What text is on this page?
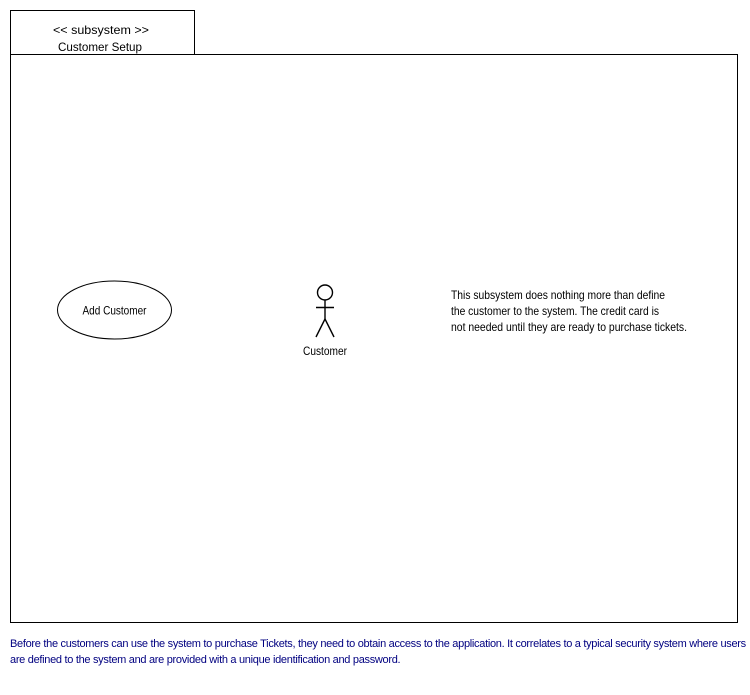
<< subsystem >>
Customer Setup
Add Customer
Customer
This subsystem does nothing more than define
the customer to the system. The credit card is
not needed until they are ready to purchase tickets.
Before the customers can use the system to purchase Tickets, they need to obtain access to the application. It correlates to a typical security system where users
are defined to the system and are provided with a unique identification and password.
